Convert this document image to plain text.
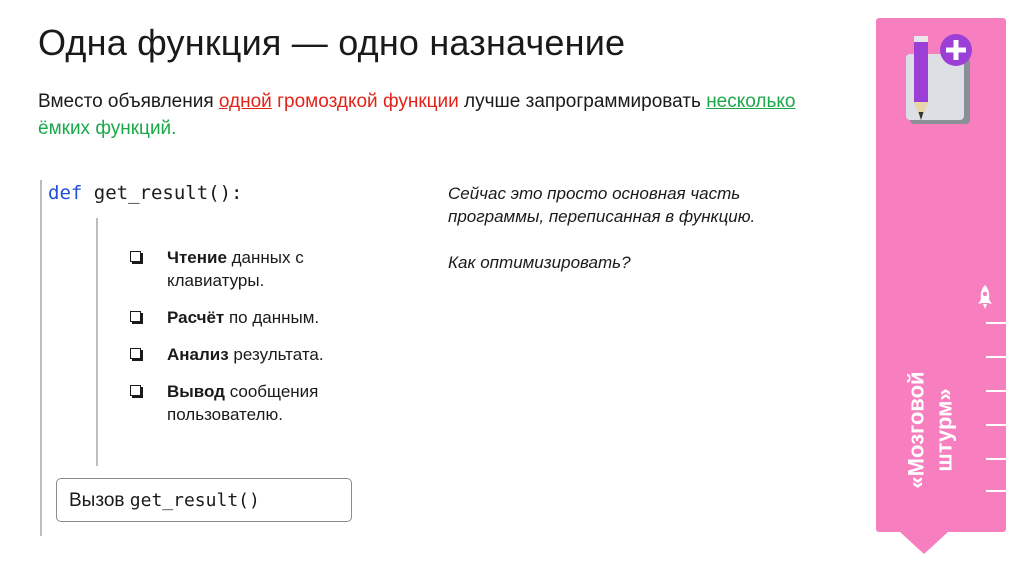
Одна функция — одно назначение
Вместо объявления одной громоздкой функции лучше запрограммировать несколько ёмких функций.
def get_result():
Чтение данных с клавиатуры.
Расчёт по данным.
Анализ результата.
Вывод сообщения пользователю.
Вызов get_result()

Сейчас это просто основная часть программы, переписанная в функцию.

Как оптимизировать?

«Мозговой штурм»
